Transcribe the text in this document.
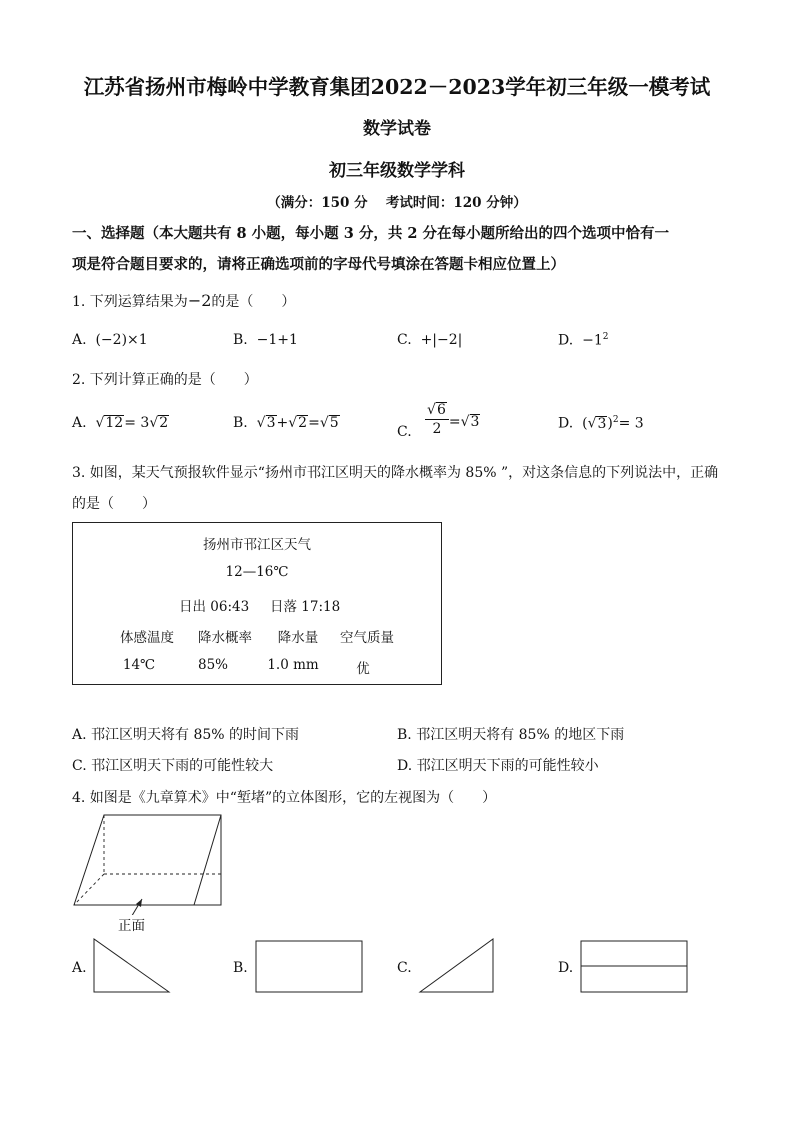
江苏省扬州市梅岭中学教育集团2022－2023学年初三年级一模考试
数学试卷
初三年级数学学科
（满分：150 分　 考试时间：120 分钟）
一、选择题（本大题共有 8 小题，每小题 3 分，共 2 分在每小题所给出的四个选项中恰有一
项是符合题目要求的，请将正确选项前的字母代号填涂在答题卡相应位置上）
1. 下列运算结果为−2的是（　　）
A. (−2)×1	B. −1+1	C. +|−2|	D. $-1^2$
2. 下列计算正确的是（　　）
A. √12= 3√2	B. √3+√2=√5
C. $\frac{√6}{2} =√3$	D. $(√3)^2= 3$
3. 如图，某天气预报软件显示“扬州市邗江区明天的降水概率为 85% ”，对这条信息的下列说法中，正确
的是（　　）
扬州市邗江区天气
12—16℃
日出 06:43 日落 17:18
体感温度	降水概率	降水量	空气质量
14℃	85%	1.0 mm	优
A. 邗江区明天将有 85% 的时间下雨	B. 邗江区明天将有 85% 的地区下雨
C. 邗江区明天下雨的可能性较大	D. 邗江区明天下雨的可能性较小
4. 如图是《九章算术》中“堑堵”的立体图形，它的左视图为（　　）
正面
A.	B.	C.	D.
